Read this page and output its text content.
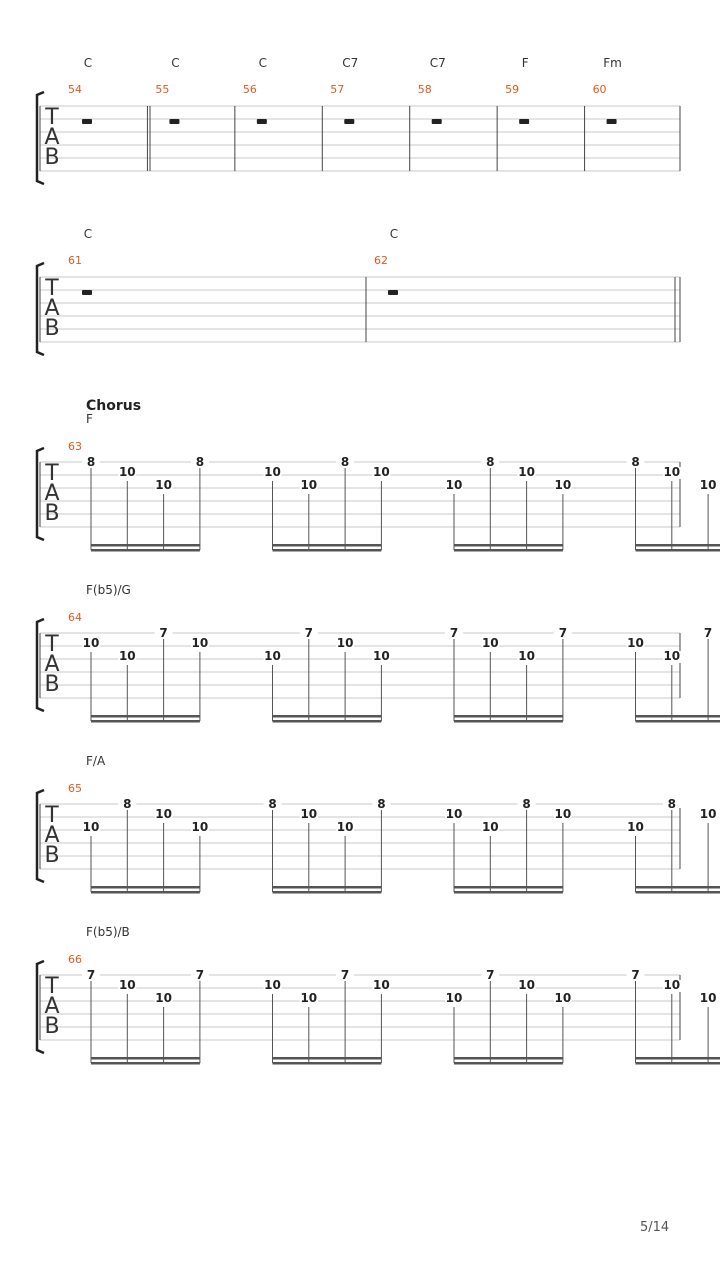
T
A
B
54
C
55
C
56
C
57
C7
58
C7
59
F
60
Fm
T
A
B
61
C
62
C
T
A
B
Chorus
63
F
8
10
10
8
10
10
8
10
10
8
10
10
8
10
10
T
A
B
64
F(b5)/G
10
10
7
10
10
7
10
10
7
10
10
7
10
10
7
T
A
B
65
F/A
10
8
10
10
8
10
10
8
10
10
8
10
10
8
10
T
A
B
66
F(b5)/B
7
10
10
7
10
10
7
10
10
7
10
10
7
10
10
5/14
